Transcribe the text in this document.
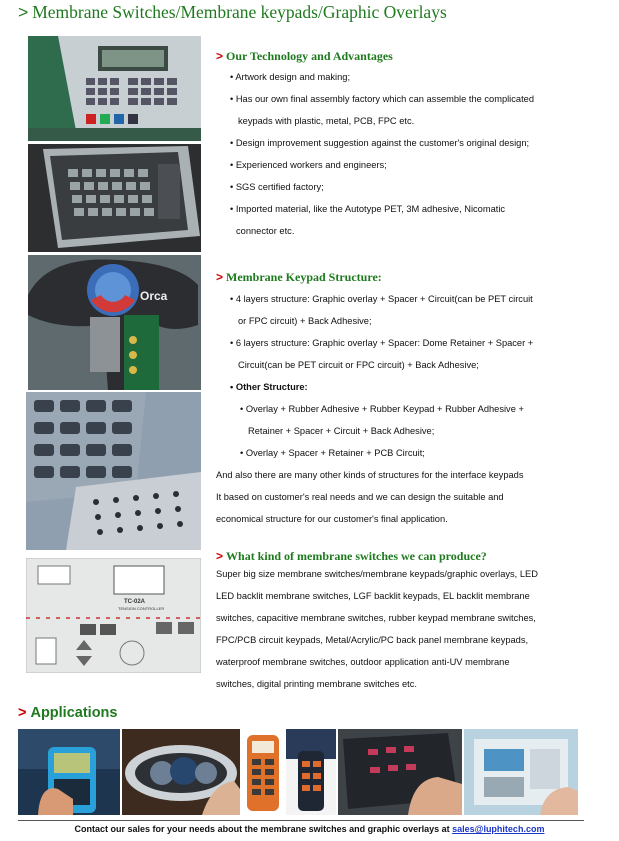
> Membrane Switches/Membrane keypads/Graphic Overlays
Orca
TC-02A
TENSION CONTROLLER
> Our Technology and Advantages
• Artwork design and making;
• Has our own final assembly factory which can assemble the complicated
keypads with plastic, metal, PCB, FPC etc.
• Design improvement suggestion against the customer's original design;
• Experienced workers and engineers;
• SGS certified factory;
• Imported material, like the Autotype PET, 3M adhesive, Nicomatic
connector etc.
> Membrane Keypad Structure:
• 4 layers structure: Graphic overlay + Spacer + Circuit(can be PET circuit
or FPC circuit) + Back Adhesive;
• 6 layers structure: Graphic overlay + Spacer: Dome Retainer + Spacer +
Circuit(can be PET circuit or FPC circuit) + Back Adhesive;
• Other Structure:
• Overlay + Rubber Adhesive + Rubber Keypad + Rubber Adhesive +
Retainer + Spacer + Circuit + Back Adhesive;
• Overlay + Spacer + Retainer + PCB Circuit;
And also there are many other kinds of structures for the interface keypads
It based on customer's real needs and we can design the suitable and
economical structure for our customer's final application.
> What kind of membrane switches we can produce?
Super big size membrane switches/membrane keypads/graphic overlays, LED
LED backlit membrane switches, LGF backlit keypads, EL backlit membrane
switches, capacitive membrane switches, rubber keypad membrane switches,
FPC/PCB circuit keypads, Metal/Acrylic/PC back panel membrane keypads,
waterproof membrane switches, outdoor application anti-UV membrane
switches, digital printing membrane switches etc.
> Applications
Contact our sales for your needs about the membrane switches and graphic overlays at sales@luphitech.com
